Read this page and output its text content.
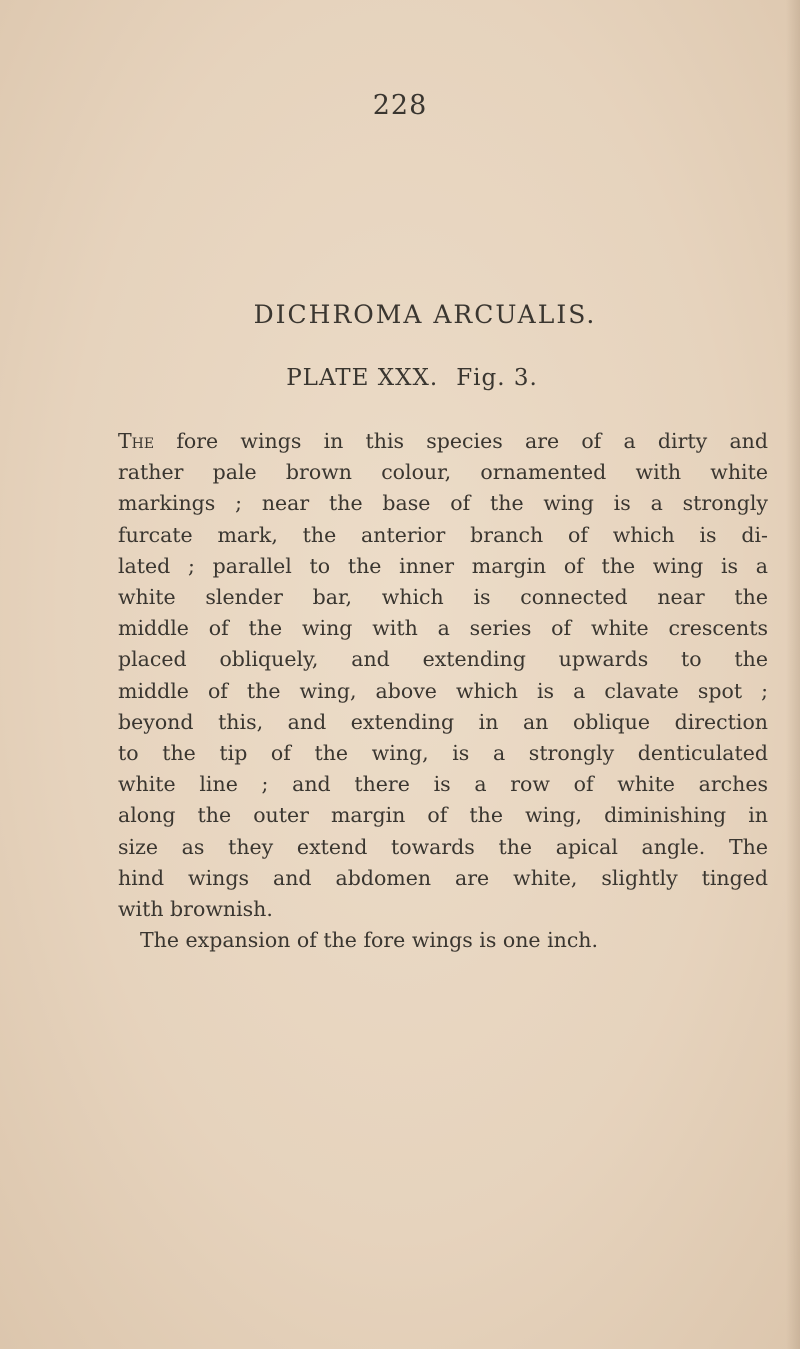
228
DICHROMA ARCUALIS.
PLATE XXX. Fig. 3.
The fore wings in this species are of a dirty and
rather pale brown colour, ornamented with white
markings ; near the base of the wing is a strongly
furcate mark, the anterior branch of which is di-
lated ; parallel to the inner margin of the wing is a
white slender bar, which is connected near the
middle of the wing with a series of white crescents
placed obliquely, and extending upwards to the
middle of the wing, above which is a clavate spot ;
beyond this, and extending in an oblique direction
to the tip of the wing, is a strongly denticulated
white line ; and there is a row of white arches
along the outer margin of the wing, diminishing in
size as they extend towards the apical angle. The
hind wings and abdomen are white, slightly tinged
with brownish.
The expansion of the fore wings is one inch.
